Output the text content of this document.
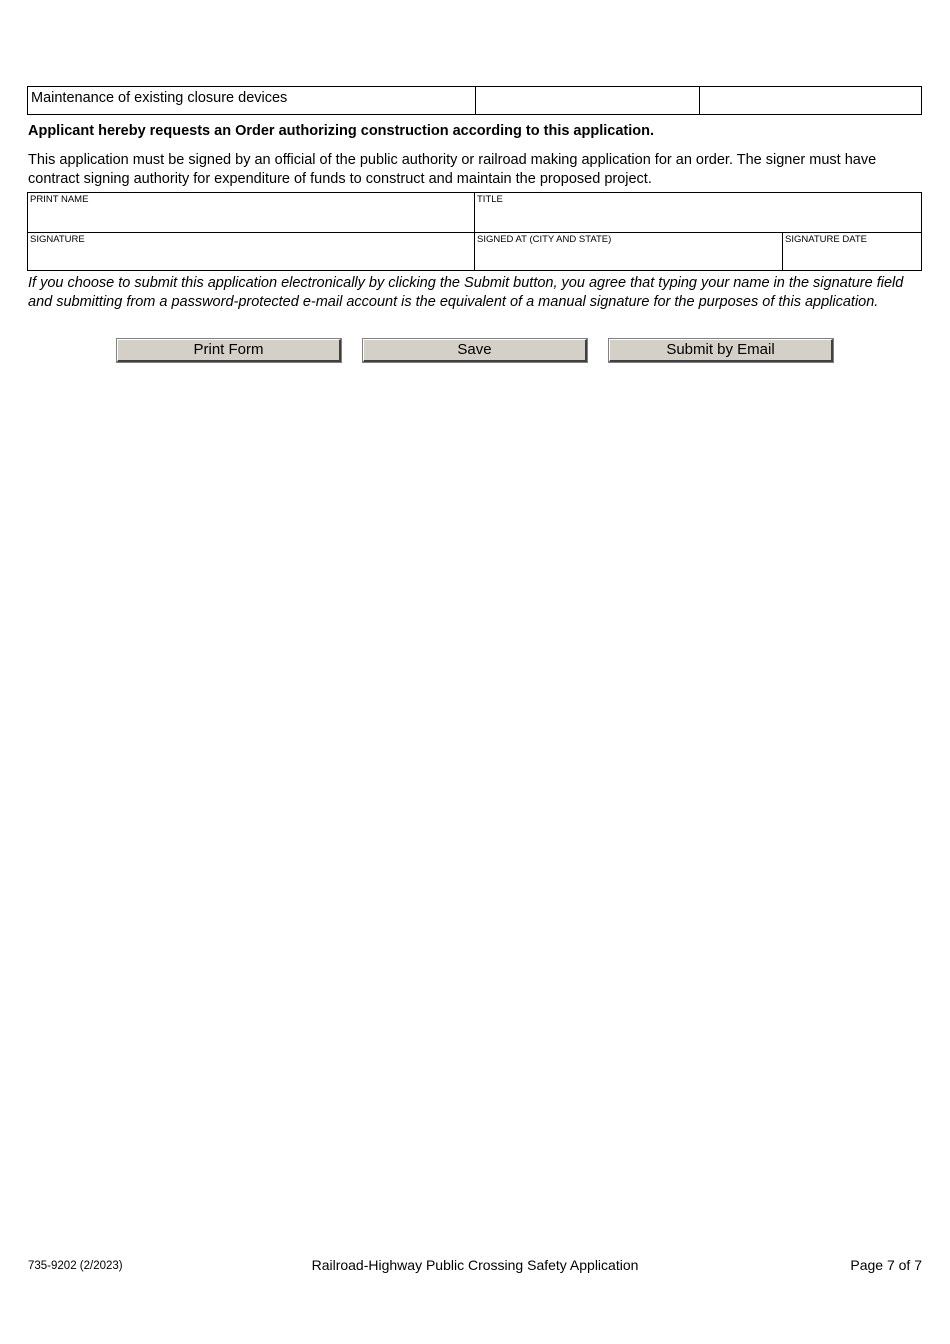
Maintenance of existing closure devices
Applicant hereby requests an Order authorizing construction according to this application.
This application must be signed by an official of the public authority or railroad making application for an order. The signer must have contract signing authority for expenditure of funds to construct and maintain the proposed project.
PRINT NAME	TITLE
SIGNATURE	SIGNED AT (CITY AND STATE)	SIGNATURE DATE
If you choose to submit this application electronically by clicking the Submit button, you agree that typing your name in the signature field and submitting from a password-protected e-mail account is the equivalent of a manual signature for the purposes of this application.
Print Form	Save	Submit by Email
735-9202 (2/2023)	Railroad-Highway Public Crossing Safety Application	Page 7 of 7
